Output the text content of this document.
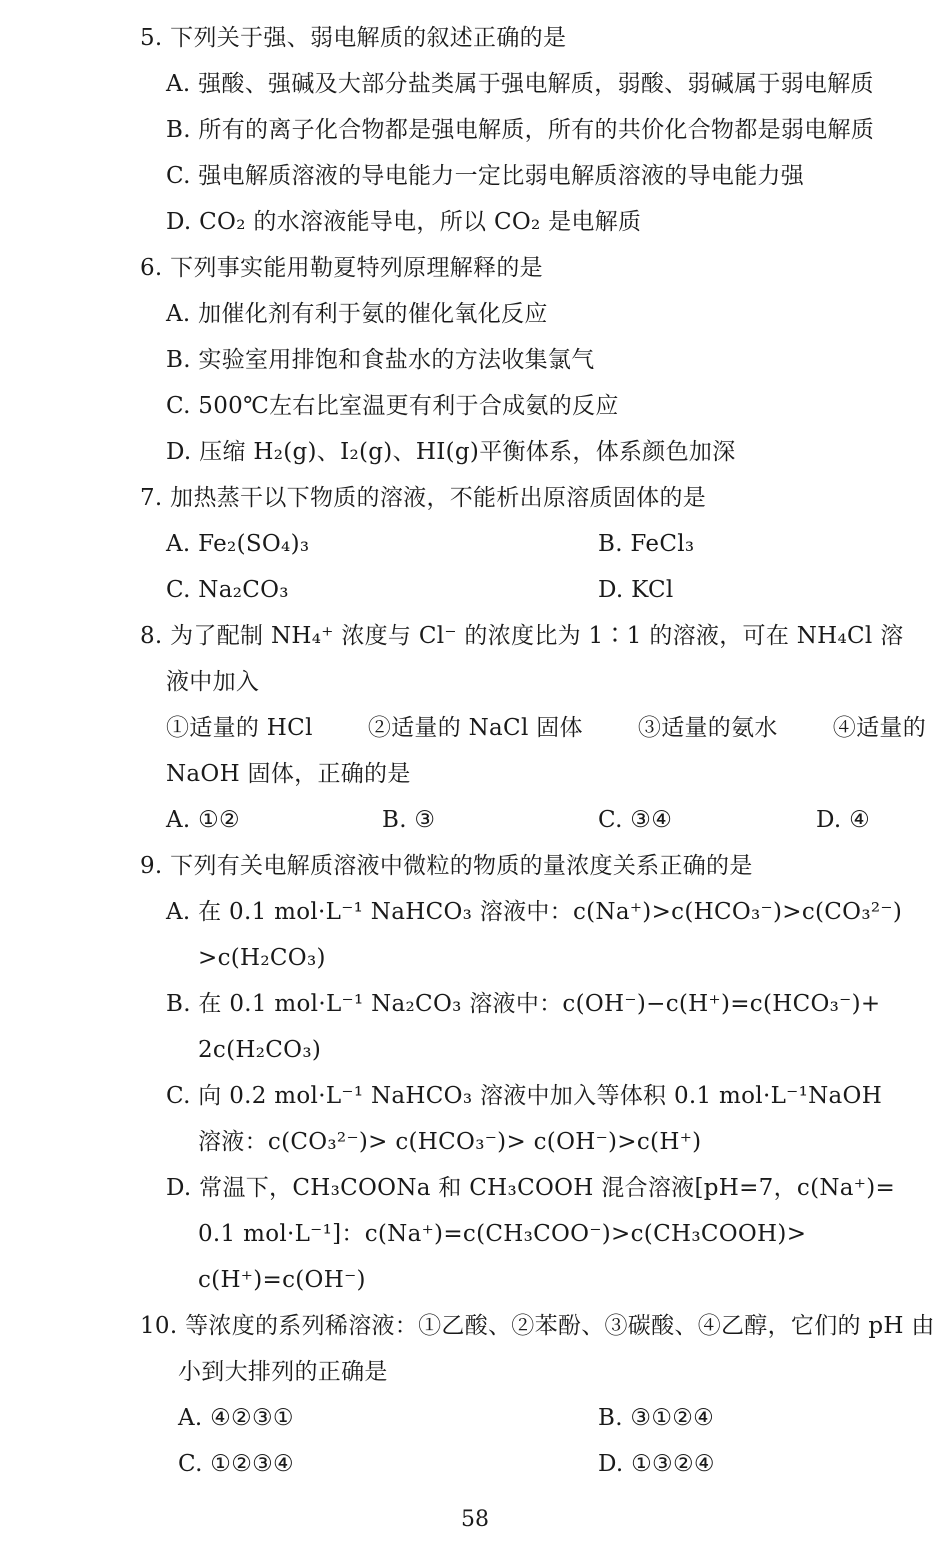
5. 下列关于强、弱电解质的叙述正确的是
A. 强酸、强碱及大部分盐类属于强电解质，弱酸、弱碱属于弱电解质
B. 所有的离子化合物都是强电解质，所有的共价化合物都是弱电解质
C. 强电解质溶液的导电能力一定比弱电解质溶液的导电能力强
D. CO₂ 的水溶液能导电，所以 CO₂ 是电解质
6. 下列事实能用勒夏特列原理解释的是
A. 加催化剂有利于氨的催化氧化反应
B. 实验室用排饱和食盐水的方法收集氯气
C. 500℃左右比室温更有利于合成氨的反应
D. 压缩 H₂(g)、I₂(g)、HI(g)平衡体系，体系颜色加深
7. 加热蒸干以下物质的溶液，不能析出原溶质固体的是
A. Fe₂(SO₄)₃	B. FeCl₃
C. Na₂CO₃	D. KCl
8. 为了配制 NH₄⁺ 浓度与 Cl⁻ 的浓度比为 1∶1 的溶液，可在 NH₄Cl 溶
液中加入
①适量的 HCl ②适量的 NaCl 固体 ③适量的氨水 ④适量的
NaOH 固体，正确的是
A. ①②	B. ③	C. ③④	D. ④
9. 下列有关电解质溶液中微粒的物质的量浓度关系正确的是
A. 在 0.1 mol·L⁻¹ NaHCO₃ 溶液中：c(Na⁺)>c(HCO₃⁻)>c(CO₃²⁻)
>c(H₂CO₃)
B. 在 0.1 mol·L⁻¹ Na₂CO₃ 溶液中：c(OH⁻)−c(H⁺)=c(HCO₃⁻)+
2c(H₂CO₃)
C. 向 0.2 mol·L⁻¹ NaHCO₃ 溶液中加入等体积 0.1 mol·L⁻¹NaOH
溶液：c(CO₃²⁻)> c(HCO₃⁻)> c(OH⁻)>c(H⁺)
D. 常温下，CH₃COONa 和 CH₃COOH 混合溶液[pH=7，c(Na⁺)=
0.1 mol·L⁻¹]：c(Na⁺)=c(CH₃COO⁻)>c(CH₃COOH)>
c(H⁺)=c(OH⁻)
10. 等浓度的系列稀溶液：①乙酸、②苯酚、③碳酸、④乙醇，它们的 pH 由
小到大排列的正确是
A. ④②③①	B. ③①②④
C. ①②③④	D. ①③②④
58
